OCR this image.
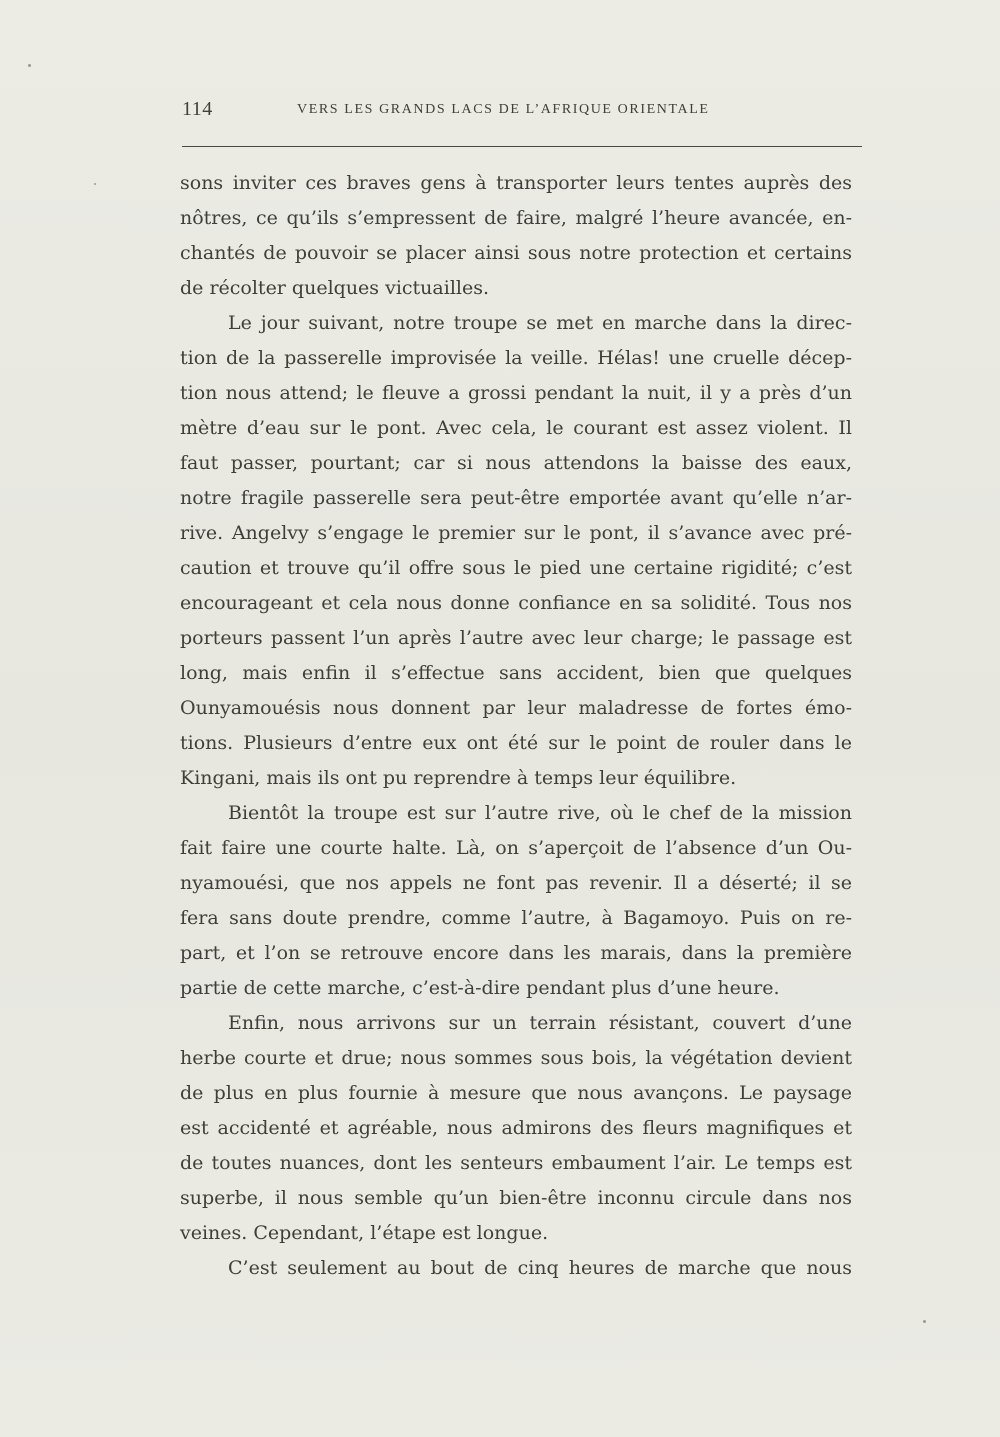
114	VERS LES GRANDS LACS DE L’AFRIQUE ORIENTALE
sons inviter ces braves gens à transporter leurs tentes auprès des
nôtres, ce qu’ils s’empressent de faire, malgré l’heure avancée, en-
chantés de pouvoir se placer ainsi sous notre protection et certains
de récolter quelques victuailles.
Le jour suivant, notre troupe se met en marche dans la direc-
tion de la passerelle improvisée la veille. Hélas! une cruelle décep-
tion nous attend; le fleuve a grossi pendant la nuit, il y a près d’un
mètre d’eau sur le pont. Avec cela, le courant est assez violent. Il
faut passer, pourtant; car si nous attendons la baisse des eaux,
notre fragile passerelle sera peut-être emportée avant qu’elle n’ar-
rive. Angelvy s’engage le premier sur le pont, il s’avance avec pré-
caution et trouve qu’il offre sous le pied une certaine rigidité; c’est
encourageant et cela nous donne confiance en sa solidité. Tous nos
porteurs passent l’un après l’autre avec leur charge; le passage est
long, mais enfin il s’effectue sans accident, bien que quelques
Ounyamouésis nous donnent par leur maladresse de fortes émo-
tions. Plusieurs d’entre eux ont été sur le point de rouler dans le
Kingani, mais ils ont pu reprendre à temps leur équilibre.
Bientôt la troupe est sur l’autre rive, où le chef de la mission
fait faire une courte halte. Là, on s’aperçoit de l’absence d’un Ou-
nyamouési, que nos appels ne font pas revenir. Il a déserté; il se
fera sans doute prendre, comme l’autre, à Bagamoyo. Puis on re-
part, et l’on se retrouve encore dans les marais, dans la première
partie de cette marche, c’est-à-dire pendant plus d’une heure.
Enfin, nous arrivons sur un terrain résistant, couvert d’une
herbe courte et drue; nous sommes sous bois, la végétation devient
de plus en plus fournie à mesure que nous avançons. Le paysage
est accidenté et agréable, nous admirons des fleurs magnifiques et
de toutes nuances, dont les senteurs embaument l’air. Le temps est
superbe, il nous semble qu’un bien-être inconnu circule dans nos
veines. Cependant, l’étape est longue.
C’est seulement au bout de cinq heures de marche que nous
